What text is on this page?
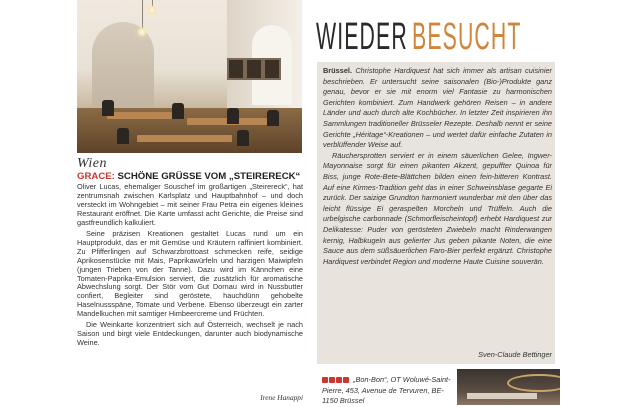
Wien
GRACE: SCHÖNE GRÜSSE VOM „STEIRERECK“

Oliver Lucas, ehemaliger Souschef im großartigen „Steirereck“, hat zentrumsnah zwischen Karlsplatz und Hauptbahnhof – und doch versteckt im Wohngebiet – mit seiner Frau Petra ein eigenes kleines Restaurant eröffnet. Die Karte umfasst acht Gerichte, die Preise sind gastfreundlich kalkuliert.

Seine präzisen Kreationen gestaltet Lucas rund um ein Hauptprodukt, das er mit Gemüse und Kräutern raffiniert kombiniert. Zu Pfifferlingen auf Schwarzbrottoast schmecken reife, seidige Aprikosenstücke mit Mais, Paprikawürfeln und harzigen Maiwipfeln (jungen Trieben von der Tanne). Dazu wird im Kännchen eine Tomaten-Paprika-Emulsion serviert, die zusätzlich für aromatische Abwechslung sorgt. Der Stör vom Gut Dornau wird in Nussbutter confiert, Begleiter sind geröstete, hauchdünn gehobelte Haselnussspäne, Tomate und Verbene. Ebenso überzeugt ein zarter Mandelkuchen mit samtiger Himbeercreme und Früchten.

Die Weinkarte konzentriert sich auf Österreich, wechselt je nach Saison und birgt viele Entdeckungen, darunter auch biodynamische Weine.

Irene Hanappi
WIEDER BESUCHT

Brüssel. Christophe Hardiquest hat sich immer als artisan cuisinier beschrieben. Er untersucht seine saisonalen (Bio-)Produkte ganz genau, bevor er sie mit enorm viel Fantasie zu harmonischen Gerichten kombiniert. Zum Handwerk gehören Reisen – in andere Länder und auch durch alte Kochbücher. In letzter Zeit inspirieren ihn Sammlungen traditioneller Brüsseler Rezepte. Deshalb nennt er seine Gerichte „Héritage“-Kreationen – und wertet dafür einfache Zutaten in verblüffender Weise auf.

Räuchersprotten serviert er in einem säuerlichen Gelee, Ingwer-Mayonnaise sorgt für einen pikanten Akzent, gepuffter Quinoa für Biss, junge Rote-Bete-Blättchen bilden einen fein-bitteren Kontrast. Auf eine Kirmes-Tradition geht das in einer Schweinsblase gegarte Ei zurück. Der saizige Grundton harmoniert wunderbar mit den über das leicht flüssige Ei geraspelten Morcheln und Trüffeln. Auch die urbelgische carbonnade (Schmorfleischeintopf) erhebt Hardiquest zur Delikatesse: Puder von gerösteten Zwiebeln macht Rinderwangen kernig, Halbkugeln aus gelierter Jus geben pikante Noten, die eine Sauce aus dem süßsäuerlichen Faro-Bier perfekt ergänzt. Christophe Hardiquest verbindet Region und moderne Haute Cuisine souverän.

Sven-Claude Bettinger
„Bon-Bon“, OT Woluwé-Saint-Pierre, 453, Avenue de Tervuren, BE-1150 Brüssel
